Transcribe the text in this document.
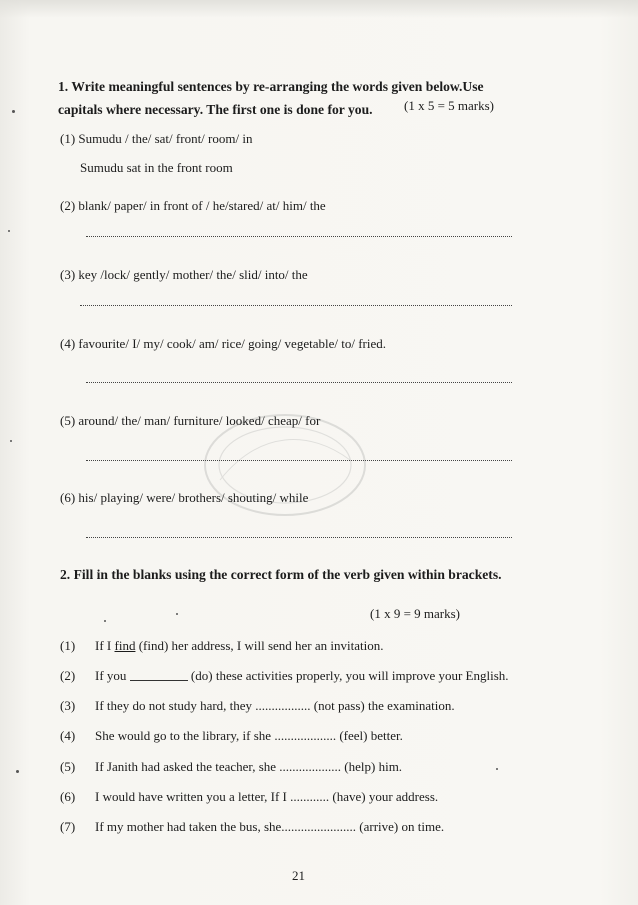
1. Write meaningful sentences by re-arranging the words given below.Use capitals where necessary. The first one is done for you.	(1 x 5 = 5 marks)
(1) Sumudu / the/ sat/ front/ room/ in
Sumudu sat in the front room
(2) blank/ paper/ in front of / he/stared/ at/ him/ the
(3) key /lock/ gently/ mother/ the/ slid/ into/ the
(4) favourite/ I/ my/ cook/ am/ rice/ going/ vegetable/ to/ fried.
(5) around/ the/ man/ furniture/ looked/ cheap/ for
(6) his/ playing/ were/ brothers/ shouting/ while
2. Fill in the blanks using the correct form of the verb given within brackets.
(1 x 9 = 9 marks)
(1) If I find (find) her address, I will send her an invitation.
(2) If you	(do) these activities properly, you will improve your English.
(3) If they do not study hard, they ................. (not pass) the examination.
(4) She would go to the library, if she ................... (feel) better.
(5) If Janith had asked the teacher, she ................... (help) him.
(6) I would have written you a letter, If I ............ (have) your address.
(7) If my mother had taken the bus, she....................... (arrive) on time.
21
